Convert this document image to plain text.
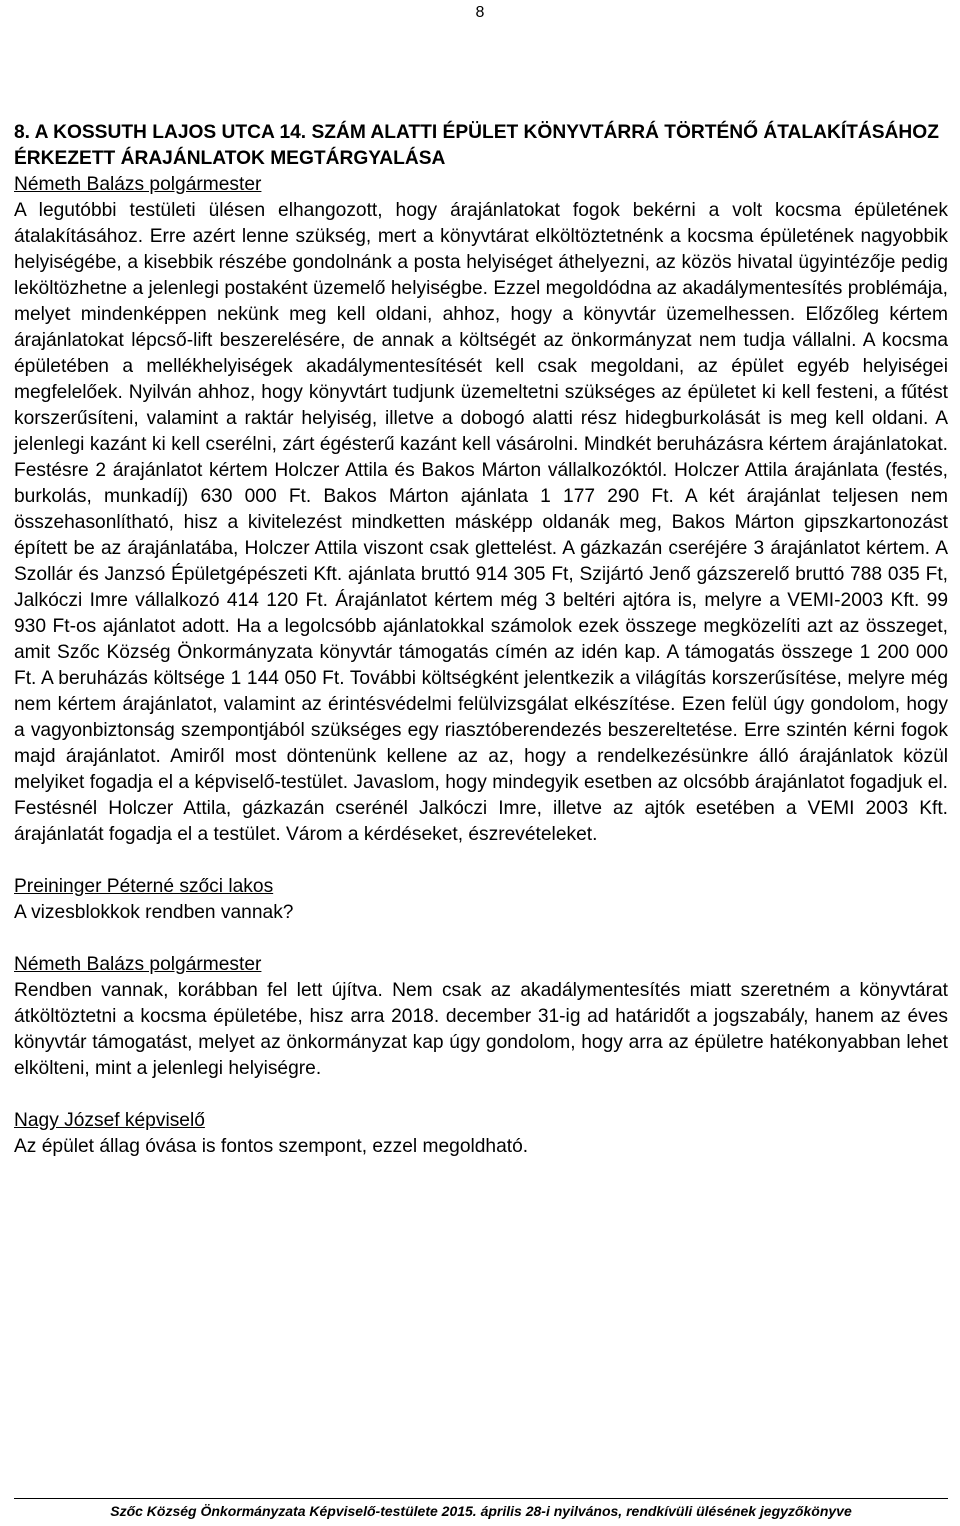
8

8. A KOSSUTH LAJOS UTCA 14. SZÁM ALATTI ÉPÜLET KÖNYVTÁRRÁ TÖRTÉNŐ ÁTALAKÍTÁSÁHOZ ÉRKEZETT ÁRAJÁNLATOK MEGTÁRGYALÁSA

Németh Balázs polgármester

A legutóbbi testületi ülésen elhangozott, hogy árajánlatokat fogok bekérni a volt kocsma épületének átalakításához. Erre azért lenne szükség, mert a könyvtárat elköltöztetnénk a kocsma épületének nagyobbik helyiségébe, a kisebbik részébe gondolnánk a posta helyiséget áthelyezni, az közös hivatal ügyintézője pedig leköltözhetne a jelenlegi postaként üzemelő helyiségbe. Ezzel megoldódna az akadálymentesítés problémája, melyet mindenképpen nekünk meg kell oldani, ahhoz, hogy a könyvtár üzemelhessen. Előzőleg kértem árajánlatokat lépcső-lift beszerelésére, de annak a költségét az önkormányzat nem tudja vállalni. A kocsma épületében a mellékhelyiségek akadálymentesítését kell csak megoldani, az épület egyéb helyiségei megfelelőek. Nyilván ahhoz, hogy könyvtárt tudjunk üzemeltetni szükséges az épületet ki kell festeni, a fűtést korszerűsíteni, valamint a raktár helyiség, illetve a dobogó alatti rész hidegburkolását is meg kell oldani. A jelenlegi kazánt ki kell cserélni, zárt égésterű kazánt kell vásárolni. Mindkét beruházásra kértem árajánlatokat. Festésre 2 árajánlatot kértem Holczer Attila és Bakos Márton vállalkozóktól. Holczer Attila árajánlata (festés, burkolás, munkadíj) 630 000 Ft. Bakos Márton ajánlata 1 177 290 Ft. A két árajánlat teljesen nem összehasonlítható, hisz a kivitelezést mindketten másképp oldanák meg, Bakos Márton gipszkartonozást épített be az árajánlatába, Holczer Attila viszont csak glettelést. A gázkazán cseréjére 3 árajánlatot kértem. A Szollár és Janzsó Épületgépészeti Kft. ajánlata bruttó 914 305 Ft, Szijártó Jenő gázszerelő bruttó 788 035 Ft, Jalkóczi Imre vállalkozó 414 120 Ft. Árajánlatot kértem még 3 beltéri ajtóra is, melyre a VEMI-2003 Kft. 99 930 Ft-os ajánlatot adott. Ha a legolcsóbb ajánlatokkal számolok ezek összege megközelíti azt az összeget, amit Szőc Község Önkormányzata könyvtár támogatás címén az idén kap. A támogatás összege 1 200 000 Ft. A beruházás költsége 1 144 050 Ft. További költségként jelentkezik a világítás korszerűsítése, melyre még nem kértem árajánlatot, valamint az érintésvédelmi felülvizsgálat elkészítése. Ezen felül úgy gondolom, hogy a vagyonbiztonság szempontjából szükséges egy riasztóberendezés beszereltetése. Erre szintén kérni fogok majd árajánlatot. Amiről most döntenünk kellene az az, hogy a rendelkezésünkre álló árajánlatok közül melyiket fogadja el a képviselő-testület. Javaslom, hogy mindegyik esetben az olcsóbb árajánlatot fogadjuk el. Festésnél Holczer Attila, gázkazán cserénél Jalkóczi Imre, illetve az ajtók esetében a VEMI 2003 Kft. árajánlatát fogadja el a testület. Várom a kérdéseket, észrevételeket.

Preininger Péterné szőci lakos

A vizesblokkok rendben vannak?

Németh Balázs polgármester

Rendben vannak, korábban fel lett újítva. Nem csak az akadálymentesítés miatt szeretném a könyvtárat átköltöztetni a kocsma épületébe, hisz arra 2018. december 31-ig ad határidőt a jogszabály, hanem az éves könyvtár támogatást, melyet az önkormányzat kap úgy gondolom, hogy arra az épületre hatékonyabban lehet elkölteni, mint a jelenlegi helyiségre.

Nagy József képviselő

Az épület állag óvása is fontos szempont, ezzel megoldható.

Szőc Község Önkormányzata Képviselő-testülete 2015. április 28-i nyilvános, rendkívüli ülésének jegyzőkönyve
